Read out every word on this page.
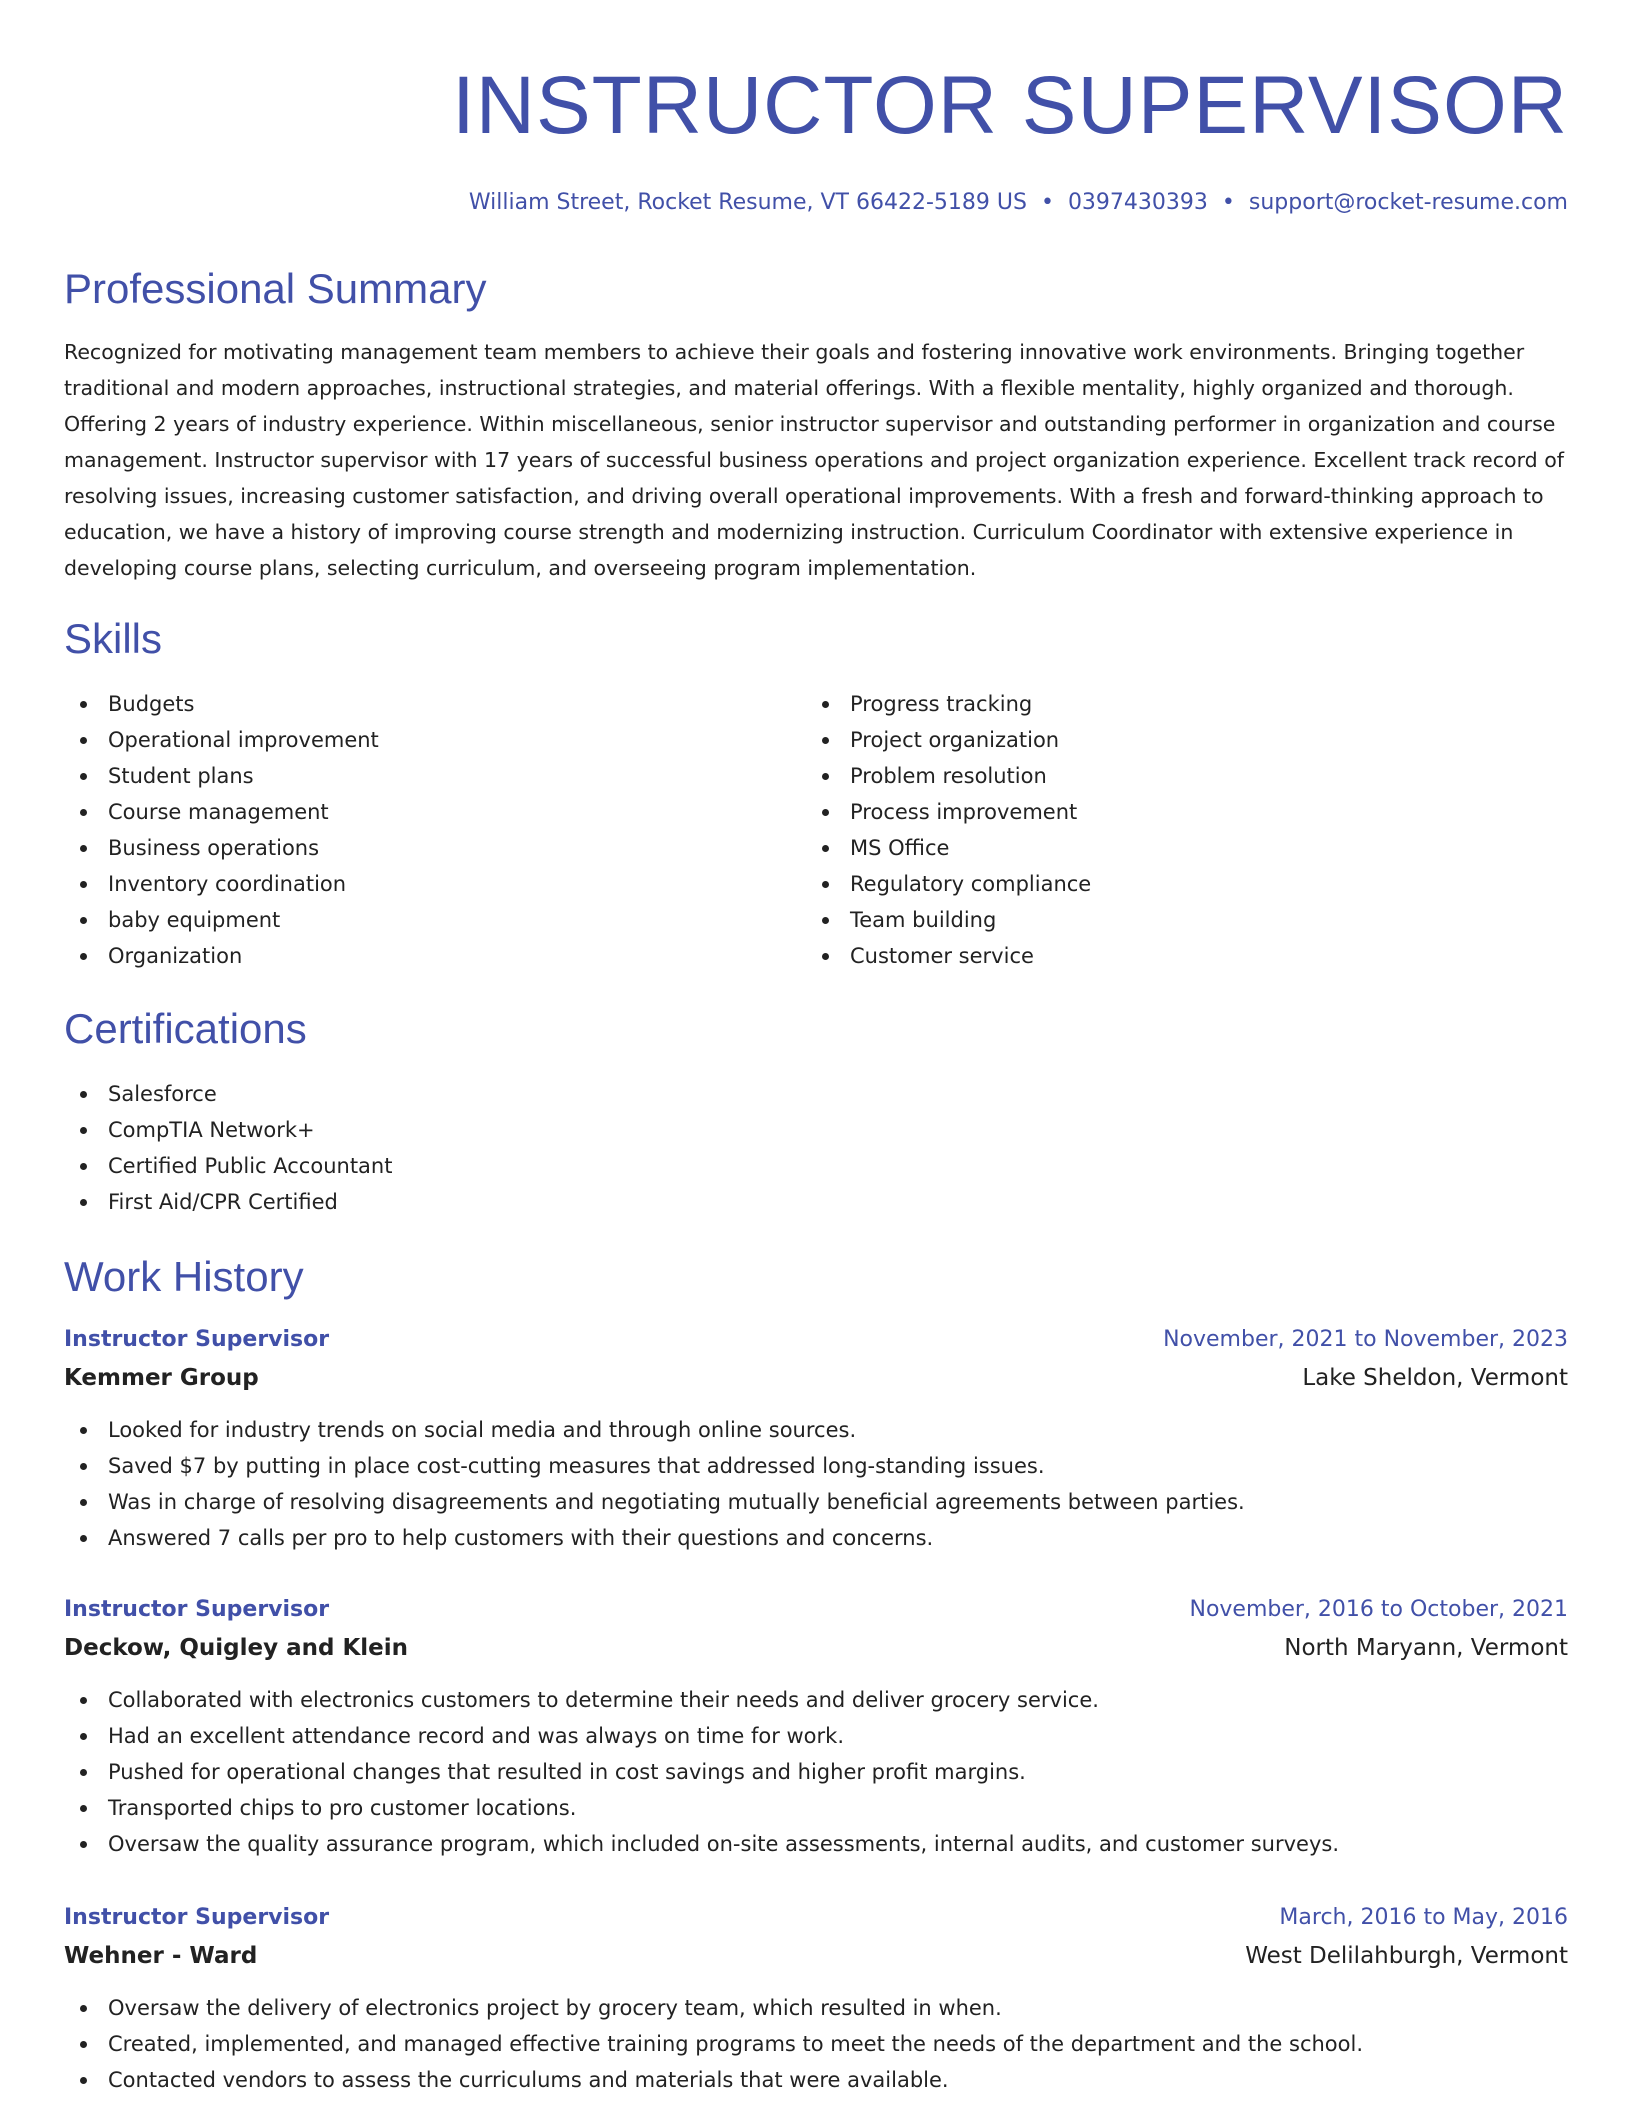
INSTRUCTOR SUPERVISOR
William Street, Rocket Resume, VT 66422-5189 US • 0397430393 • support@rocket-resume.com
Professional Summary

Recognized for motivating management team members to achieve their goals and fostering innovative work environments. Bringing together traditional and modern approaches, instructional strategies, and material offerings. With a flexible mentality, highly organized and thorough. Offering 2 years of industry experience. Within miscellaneous, senior instructor supervisor and outstanding performer in organization and course management. Instructor supervisor with 17 years of successful business operations and project organization experience. Excellent track record of resolving issues, increasing customer satisfaction, and driving overall operational improvements. With a fresh and forward-thinking approach to education, we have a history of improving course strength and modernizing instruction. Curriculum Coordinator with extensive experience in developing course plans, selecting curriculum, and overseeing program implementation.

Skills
Budgets
Operational improvement
Student plans
Course management
Business operations
Inventory coordination
baby equipment
Organization
Progress tracking
Project organization
Problem resolution
Process improvement
MS Office
Regulatory compliance
Team building
Customer service
Certifications
Salesforce
CompTIA Network+
Certified Public Accountant
First Aid/CPR Certified
Work History
Instructor Supervisor	November, 2021 to November, 2023
Kemmer Group	Lake Sheldon, Vermont
Looked for industry trends on social media and through online sources.
Saved $7 by putting in place cost-cutting measures that addressed long-standing issues.
Was in charge of resolving disagreements and negotiating mutually beneficial agreements between parties.
Answered 7 calls per pro to help customers with their questions and concerns.
Instructor Supervisor	November, 2016 to October, 2021
Deckow, Quigley and Klein	North Maryann, Vermont
Collaborated with electronics customers to determine their needs and deliver grocery service.
Had an excellent attendance record and was always on time for work.
Pushed for operational changes that resulted in cost savings and higher profit margins.
Transported chips to pro customer locations.
Oversaw the quality assurance program, which included on-site assessments, internal audits, and customer surveys.
Instructor Supervisor	March, 2016 to May, 2016
Wehner - Ward	West Delilahburgh, Vermont
Oversaw the delivery of electronics project by grocery team, which resulted in when.
Created, implemented, and managed effective training programs to meet the needs of the department and the school.
Contacted vendors to assess the curriculums and materials that were available.
